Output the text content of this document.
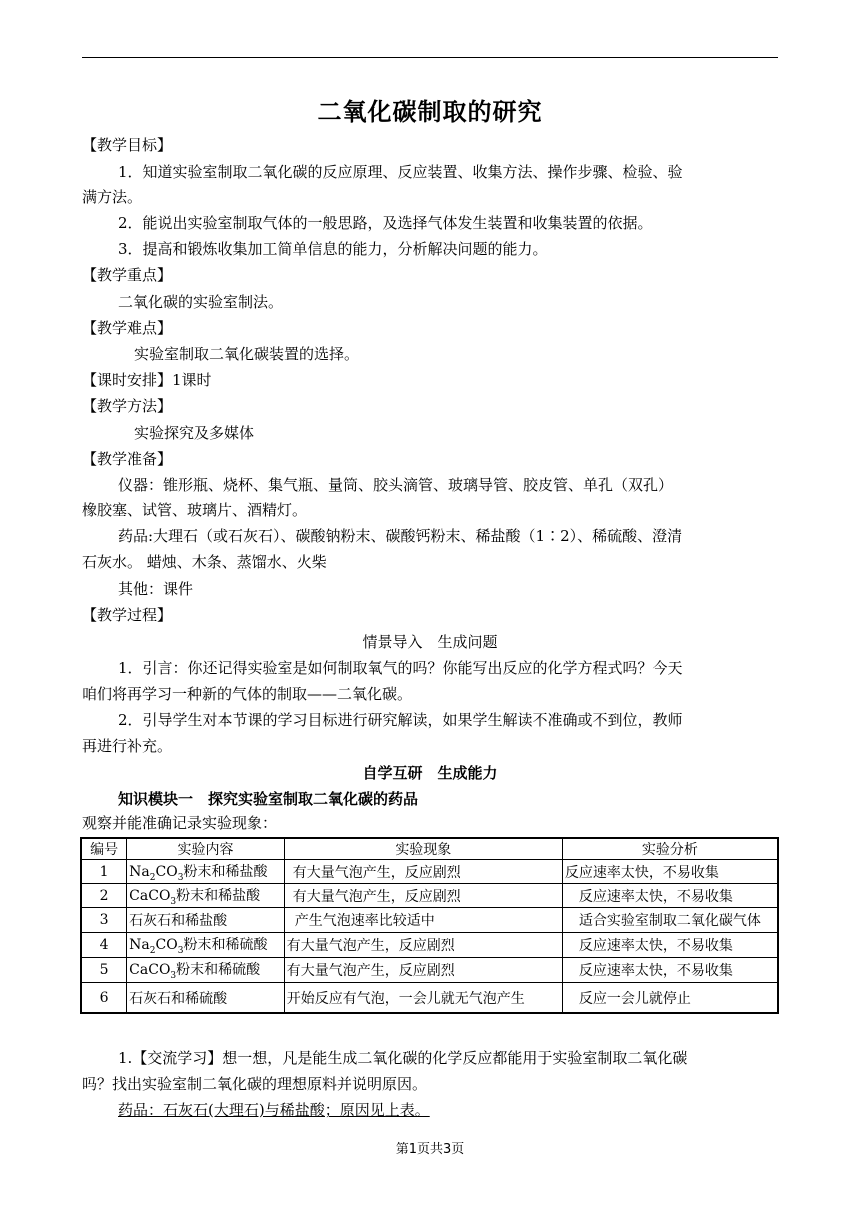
二氧化碳制取的研究
【教学目标】
1．知道实验室制取二氧化碳的反应原理、反应装置、收集方法、操作步骤、检验、验
满方法。
2．能说出实验室制取气体的一般思路，及选择气体发生装置和收集装置的依据。
3．提高和锻炼收集加工简单信息的能力，分析解决问题的能力。
【教学重点】
二氧化碳的实验室制法。
【教学难点】
实验室制取二氧化碳装置的选择。
【课时安排】1课时
【教学方法】
实验探究及多媒体
【教学准备】
仪器：锥形瓶、烧杯、集气瓶、量筒、胶头滴管、玻璃导管、胶皮管、单孔（双孔）
橡胶塞、试管、玻璃片、酒精灯。
药品:大理石（或石灰石）、碳酸钠粉末、碳酸钙粉末、稀盐酸（1∶2）、稀硫酸、澄清
石灰水。 蜡烛、木条、蒸馏水、火柴
其他：课件
【教学过程】
情景导入　生成问题
1．引言：你还记得实验室是如何制取氧气的吗？你能写出反应的化学方程式吗？今天
咱们将再学习一种新的气体的制取——二氧化碳。
2．引导学生对本节课的学习目标进行研究解读，如果学生解读不准确或不到位，教师
再进行补充。
自学互研　生成能力
知识模块一　探究实验室制取二氧化碳的药品
观察并能准确记录实验现象：
编号	实验内容	实验现象	实验分析
1	$Na_2CO_3$粉末和稀盐酸	有大量气泡产生，反应剧烈	反应速率太快，不易收集
2	CaCO$_3$粉末和稀盐酸	有大量气泡产生，反应剧烈	反应速率太快，不易收集
3	石灰石和稀盐酸	产生气泡速率比较适中	适合实验室制取二氧化碳气体
4	$Na_2CO_3$粉末和稀硫酸	有大量气泡产生，反应剧烈	反应速率太快，不易收集
5	CaCO$_3$粉末和稀硫酸	有大量气泡产生，反应剧烈	反应速率太快，不易收集
6	石灰石和稀硫酸	开始反应有气泡，一会儿就无气泡产生	反应一会儿就停止
1.【交流学习】想一想，凡是能生成二氧化碳的化学反应都能用于实验室制取二氧化碳
吗？找出实验室制二氧化碳的理想原料并说明原因。
药品：石灰石(大理石)与稀盐酸；原因见上表。
第1页共3页
